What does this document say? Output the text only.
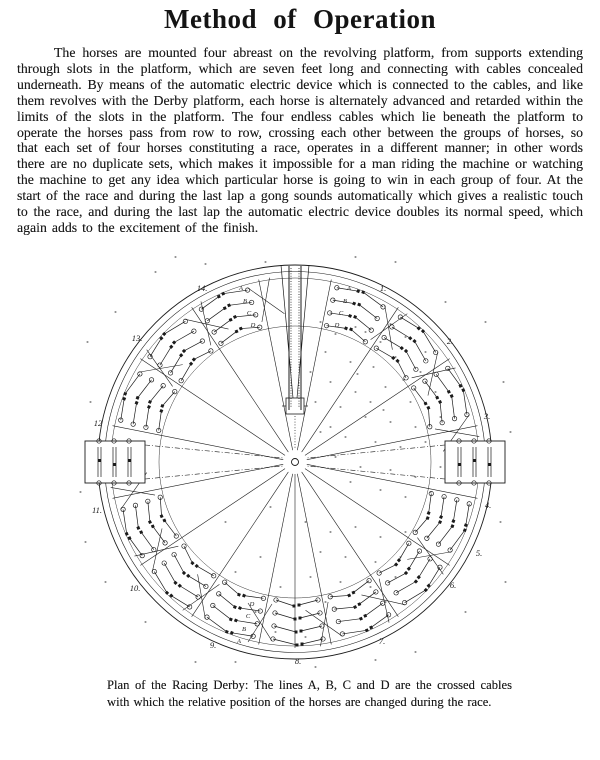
Method of Operation
The horses are mounted four abreast on the revolving platform, from supports extending through slots in the platform, which are seven feet long and connecting with cables concealed underneath. By means of the automatic electric device which is connected to the cables, and like them revolves with the Derby platform, each horse is alternately advanced and retarded within the limits of the slots in the platform. The four endless cables which lie beneath the platform to operate the horses pass from row to row, crossing each other between the groups of horses, so that each set of four horses constituting a race, operates in a different manner; in other words there are no duplicate sets, which makes it impossible for a man riding the machine or watching the machine to get any idea which particular horse is going to win in each group of four. At the start of the race and during the last lap a gong sounds automatically which gives a realistic touch to the race, and during the last lap the automatic electric device doubles its normal speed, which again adds to the excitement of the finish.
1.
2.
3.
4.
5.
6.
7.
8.
9.
10.
11.
12
13.
14.	A
B
C
D
A
B
C
D
A
B
C
D
Plan of the Racing Derby: The lines A, B, C and D are the crossed cables with which the relative position of the horses are changed during the race.
